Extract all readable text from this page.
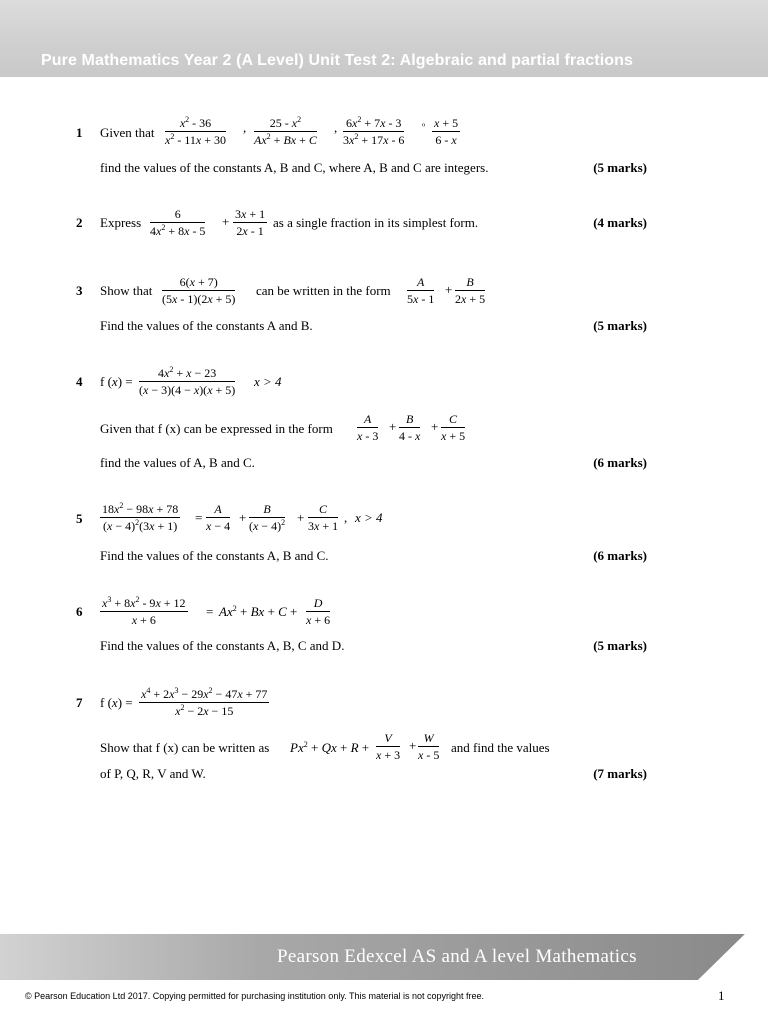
Pure Mathematics Year 2 (A Level) Unit Test 2: Algebraic and partial fractions
1 Given that $\frac{x^2 - 36}{x^2 - 11x + 30}$ , $\frac{25 - x^2}{Ax^2 + Bx + C}$ , $\frac{6x^2 + 7x - 3}{3x^2 + 17x - 6}$ º $\frac{x + 5}{6 - x}$
find the values of the constants A, B and C, where A, B and C are integers.	(5 marks)
2 Express $\frac{6}{4x^2 + 8x - 5} + \frac{3x + 1}{2x - 1}$ as a single fraction in its simplest form.	(4 marks)
3 Show that $\frac{6(x + 7)}{(5x - 1)(2x + 5)}$ can be written in the form $\frac{A}{5x - 1} + \frac{B}{2x + 5}$
Find the values of the constants A and B.	(5 marks)
4 f $(x) = \frac{4x^2 + x - 23}{(x - 3)(4 - x)(x + 5)}$ x > 4
Given that f (x) can be expressed in the form $\frac{A}{x - 3} + \frac{B}{4 - x} + \frac{C}{x + 5}$
find the values of A, B and C.	(6 marks)
$5 \frac{18x^2 - 98x + 78}{(x - 4)^2(3x + 1)} = \frac{A}{x - 4} + \frac{B}{(x - 4)^2} + \frac{C}{3x + 1}$ , x > 4
Find the values of the constants A, B and C.	(6 marks)
$6 \frac{x^3 + 8x^2 - 9x + 12}{x + 6} = Ax^2 + Bx + C + \frac{D}{x + 6}$
Find the values of the constants A, B, C and D.	(5 marks)
7 f $(x) = \frac{x^4 + 2x^3 - 29x^2 - 47x + 77}{x^2 - 2x - 15}$
Show that f (x) can be written as $Px^2 + Qx + R + \frac{V}{x + 3} + \frac{W}{x - 5}$ and find the values
of P, Q, R, V and W.	(7 marks)
Pearson Edexcel AS and A level Mathematics
© Pearson Education Ltd 2017. Copying permitted for purchasing institution only. This material is not copyright free.	1
